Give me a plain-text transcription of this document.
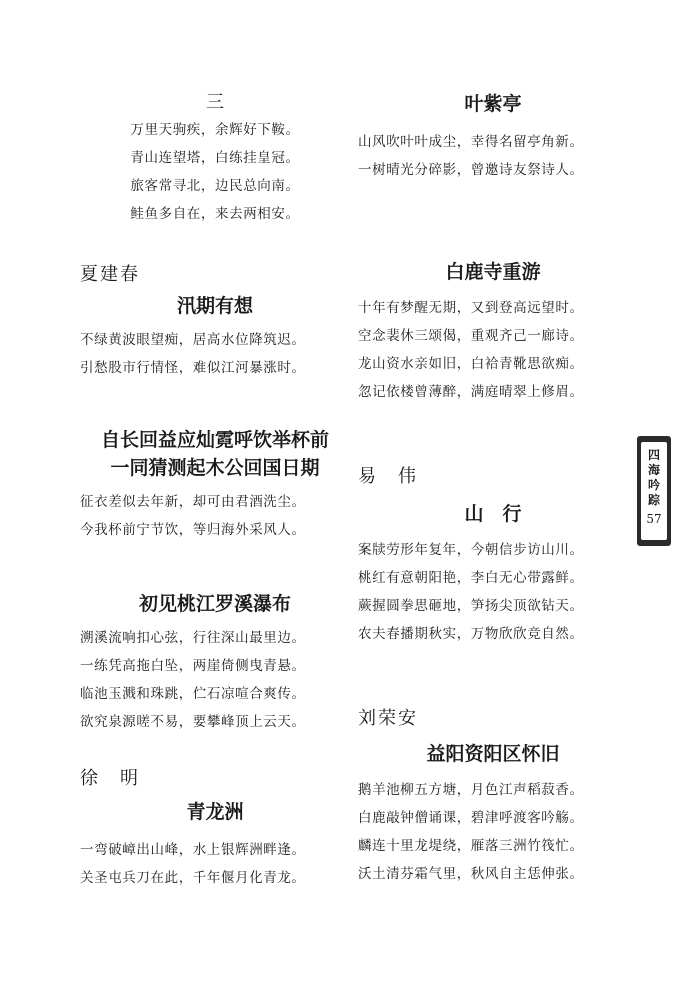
三

万里天驹疾，余辉好下鞍。
青山连望塔，白练挂皇冠。
旅客常寻北，边民总向南。
鲑鱼多自在，来去两相安。

夏建春

汛期有想

不绿黄波眼望痴，居高水位降筑迟。
引愁股市行情怪，难似江河暴涨时。

自长回益应灿霓呼饮举杯前

一同猜测起木公回国日期

征衣差似去年新，却可由君酒洗尘。
今我杯前宁节饮，等归海外采风人。

初见桃江罗溪瀑布

溯溪流响扣心弦，行往深山最里边。
一练凭高拖白坠，两崖倚侧曳青悬。
临池玉溅和珠跳，伫石凉喧合爽传。
欲究泉源嗟不易，要攀峰顶上云天。

徐　明

青龙洲

一弯破嶂出山峰，水上银辉洲畔逢。
关圣屯兵刀在此，千年偃月化青龙。

叶紫亭

山风吹叶叶成尘，幸得名留亭角新。
一树晴光分碎影，曾邀诗友祭诗人。

白鹿寺重游

十年有梦醒无期，又到登高远望时。
空念裴休三颂偈，重观齐己一廊诗。
龙山资水亲如旧，白袷青靴思欲痴。
忽记依楼曾薄醉，满庭晴翠上修眉。

易　伟

山　行

案牍劳形年复年，今朝信步访山川。
桃红有意朝阳艳，李白无心带露鲜。
蕨握圆拳思砸地，笋扬尖顶欲钻天。
农夫春播期秋实，万物欣欣竞自然。

刘荣安

益阳资阳区怀旧

鹅羊池柳五方塘，月色江声稻菽香。
白鹿敲钟僧诵课，碧津呼渡客吟觞。
麟连十里龙堤绕，雁落三洲竹筏忙。
沃土清芬霜气里，秋风自主恁伸张。
四海吟踪
57
